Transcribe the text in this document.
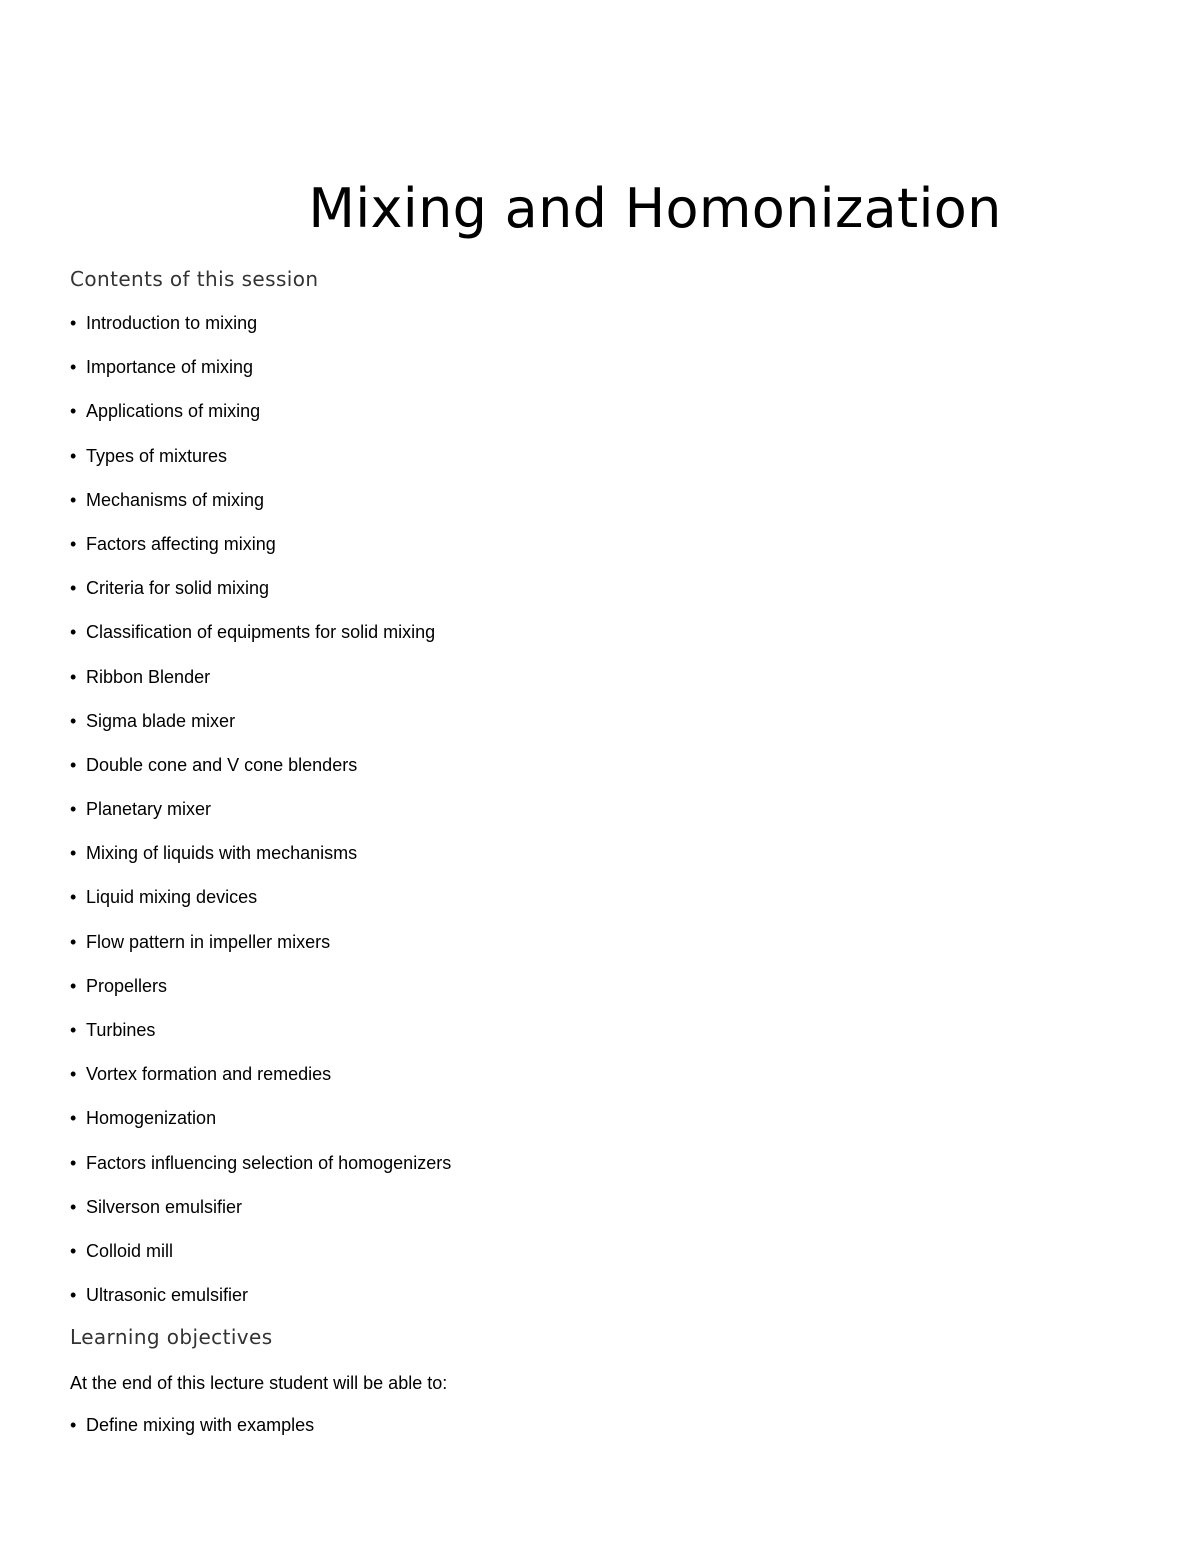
Mixing and Homonization
Contents of this session
• Introduction to mixing
• Importance of mixing
• Applications of mixing
• Types of mixtures
• Mechanisms of mixing
• Factors affecting mixing
• Criteria for solid mixing
• Classification of equipments for solid mixing
• Ribbon Blender
• Sigma blade mixer
• Double cone and V cone blenders
• Planetary mixer
• Mixing of liquids with mechanisms
• Liquid mixing devices
• Flow pattern in impeller mixers
• Propellers
• Turbines
• Vortex formation and remedies
• Homogenization
• Factors influencing selection of homogenizers
• Silverson emulsifier
• Colloid mill
• Ultrasonic emulsifier
Learning objectives

At the end of this lecture student will be able to:

• Define mixing with examples
